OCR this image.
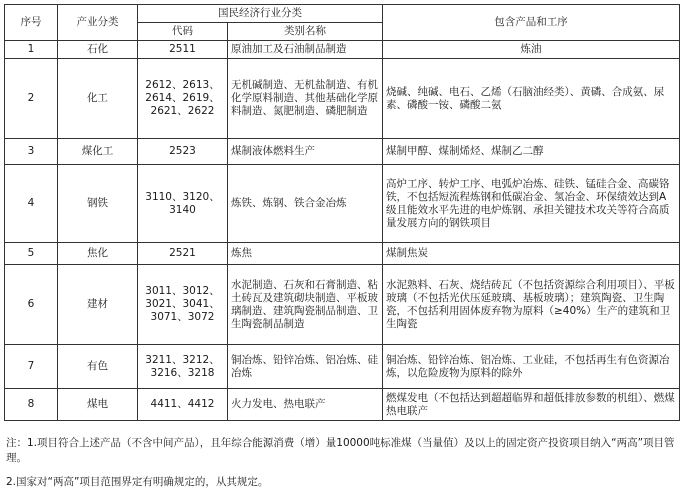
序号	产业分类	国民经济行业分类		包含产品和工序
		代码	类别名称	
1	石化	2511	原油加工及石油制品制造	炼油
2	化工	2612、2613、2614、2619、2621、2622	无机碱制造、无机盐制造、有机化学原料制造、其他基础化学原料制造、氮肥制造、磷肥制造	烧碱、纯碱、电石、乙烯（石脑油经类）、黄磷、合成氨、尿素、磷酸一铵、磷酸二氨
3	煤化工	2523	煤制液体燃料生产	煤制甲醇、煤制烯烃、煤制乙二醇
4	钢铁	3110、3120、3140	炼铁、炼钢、铁合金冶炼	高炉工序、转炉工序、电弧炉冶炼、硅铁、锰硅合金、高碳铬铁，不包括短流程炼钢和低碳冶金、氢冶金、环保绩效达到A级且能效水平先进的电炉炼钢、承担关键技术攻关等符合高质量发展方向的钢铁项目
5	焦化	2521	炼焦	煤制焦炭
6	建材	3011、3012、3021、3041、3071、3072	水泥制造、石灰和石膏制造、粘土砖瓦及建筑砌块制造、平板玻璃制造、建筑陶瓷制品制造、卫生陶瓷制品制造	水泥熟料、石灰、烧结砖瓦（不包括资源综合利用项目）、平板玻璃（不包括光伏压延玻璃、基板玻璃）；建筑陶瓷、卫生陶瓷，不包括利用固体废弃物为原料（≥40%）生产的建筑和卫生陶瓷
7	有色	3211、3212、3216、3218	铜冶炼、铅锌冶炼、铝冶炼、硅冶炼	铜冶炼、铅锌冶炼、铝冶炼、工业硅，不包括再生有色资源冶炼，以危险废物为原料的除外
8	煤电	4411、4412	火力发电、热电联产	燃煤发电（不包括达到超超临界和超低排放参数的机组）、燃煤热电联产

注：1.项目符合上述产品（不含中间产品），且年综合能源消费（增）量10000吨标准煤（当量值）及以上的固定资产投资项目纳入“两高”项目管理。

2.国家对“两高”项目范围界定有明确规定的，从其规定。
